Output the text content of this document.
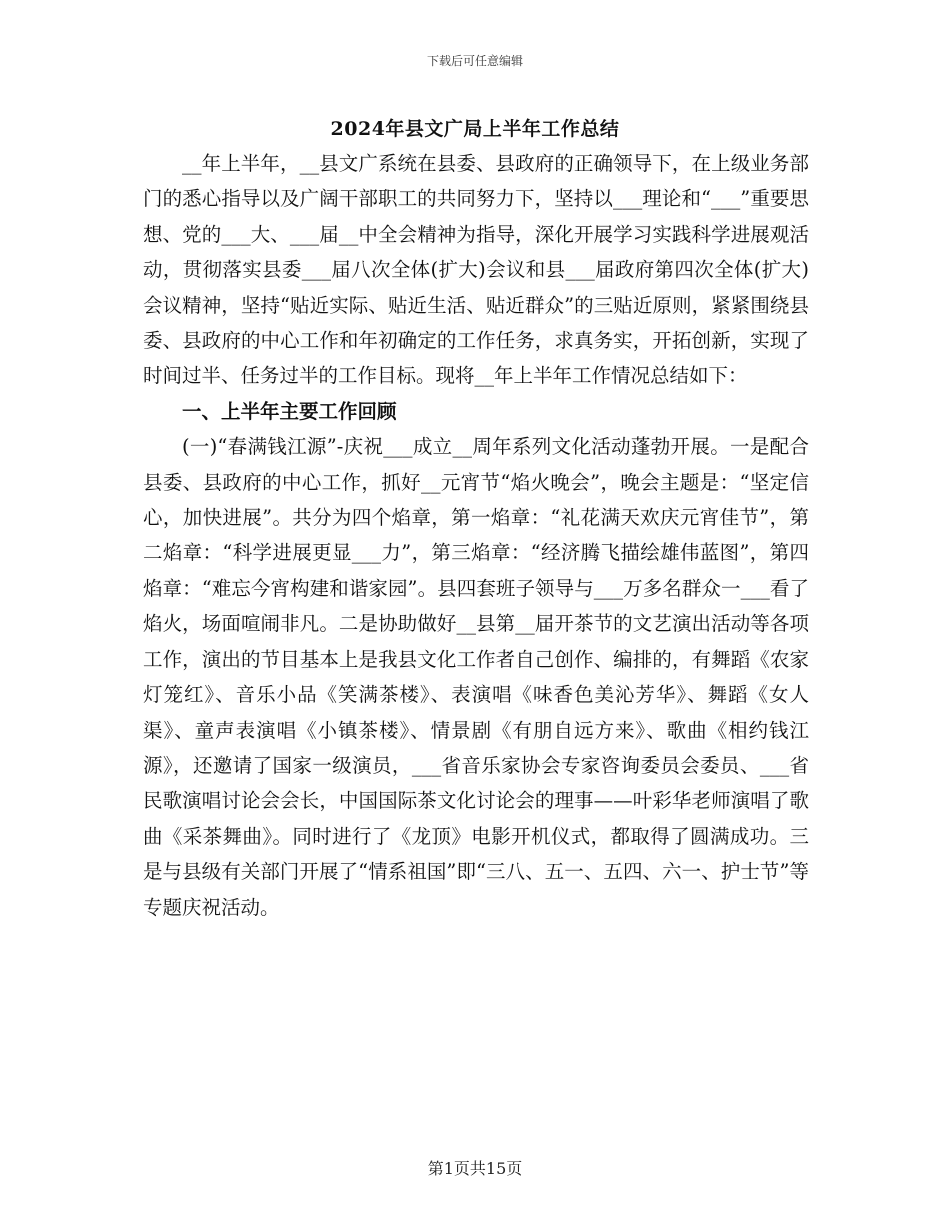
下载后可任意编辑
2024年县文广局上半年工作总结

__年上半年，__县文广系统在县委、县政府的正确领导下，在上级业务部门的悉心指导以及广阔干部职工的共同努力下，坚持以___理论和“___”重要思想、党的___大、___届__中全会精神为指导，深化开展学习实践科学进展观活动，贯彻落实县委___届八次全体(扩大)会议和县___届政府第四次全体(扩大)会议精神，坚持“贴近实际、贴近生活、贴近群众”的三贴近原则，紧紧围绕县委、县政府的中心工作和年初确定的工作任务，求真务实，开拓创新，实现了时间过半、任务过半的工作目标。现将__年上半年工作情况总结如下：

一、上半年主要工作回顾

(一)“春满钱江源”-庆祝___成立__周年系列文化活动蓬勃开展。一是配合县委、县政府的中心工作，抓好__元宵节“焰火晚会”，晚会主题是：“坚定信心，加快进展”。共分为四个焰章，第一焰章：“礼花满天欢庆元宵佳节”，第二焰章：“科学进展更显___力”，第三焰章：“经济腾飞描绘雄伟蓝图”，第四焰章：“难忘今宵构建和谐家园”。县四套班子领导与___万多名群众一___看了焰火，场面喧闹非凡。二是协助做好__县第__届开茶节的文艺演出活动等各项工作，演出的节目基本上是我县文化工作者自己创作、编排的，有舞蹈《农家灯笼红》、音乐小品《笑满茶楼》、表演唱《味香色美沁芳华》、舞蹈《女人渠》、童声表演唱《小镇茶楼》、情景剧《有朋自远方来》、歌曲《相约钱江源》，还邀请了国家一级演员，___省音乐家协会专家咨询委员会委员、___省民歌演唱讨论会会长，中国国际茶文化讨论会的理事——叶彩华老师演唱了歌曲《采茶舞曲》。同时进行了《龙顶》电影开机仪式，都取得了圆满成功。三是与县级有关部门开展了“情系祖国”即“三八、五一、五四、六一、护士节”等专题庆祝活动。

第1页共15页
